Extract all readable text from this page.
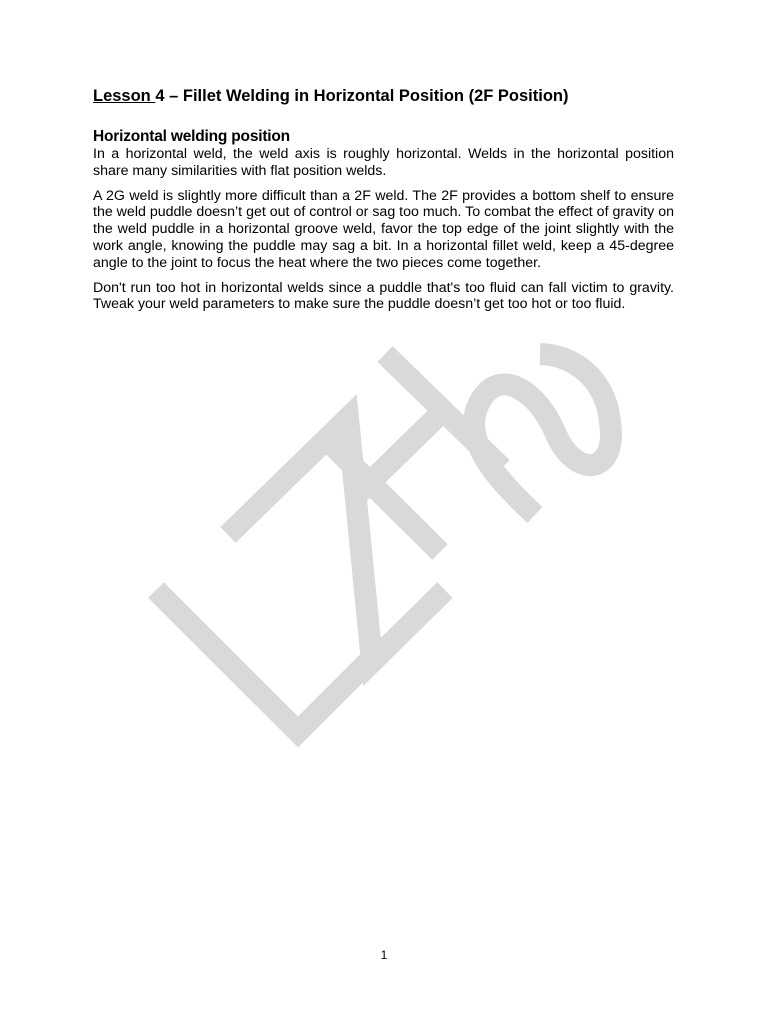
Lesson 4 – Fillet Welding in Horizontal Position (2F Position)
Horizontal welding position

In a horizontal weld, the weld axis is roughly horizontal. Welds in the horizontal position share many similarities with flat position welds.

A 2G weld is slightly more difficult than a 2F weld. The 2F provides a bottom shelf to ensure the weld puddle doesn’t get out of control or sag too much. To combat the effect of gravity on the weld puddle in a horizontal groove weld, favor the top edge of the joint slightly with the work angle, knowing the puddle may sag a bit. In a horizontal fillet weld, keep a 45-degree angle to the joint to focus the heat where the two pieces come together.

Don't run too hot in horizontal welds since a puddle that's too fluid can fall victim to gravity. Tweak your weld parameters to make sure the puddle doesn’t get too hot or too fluid.

1
